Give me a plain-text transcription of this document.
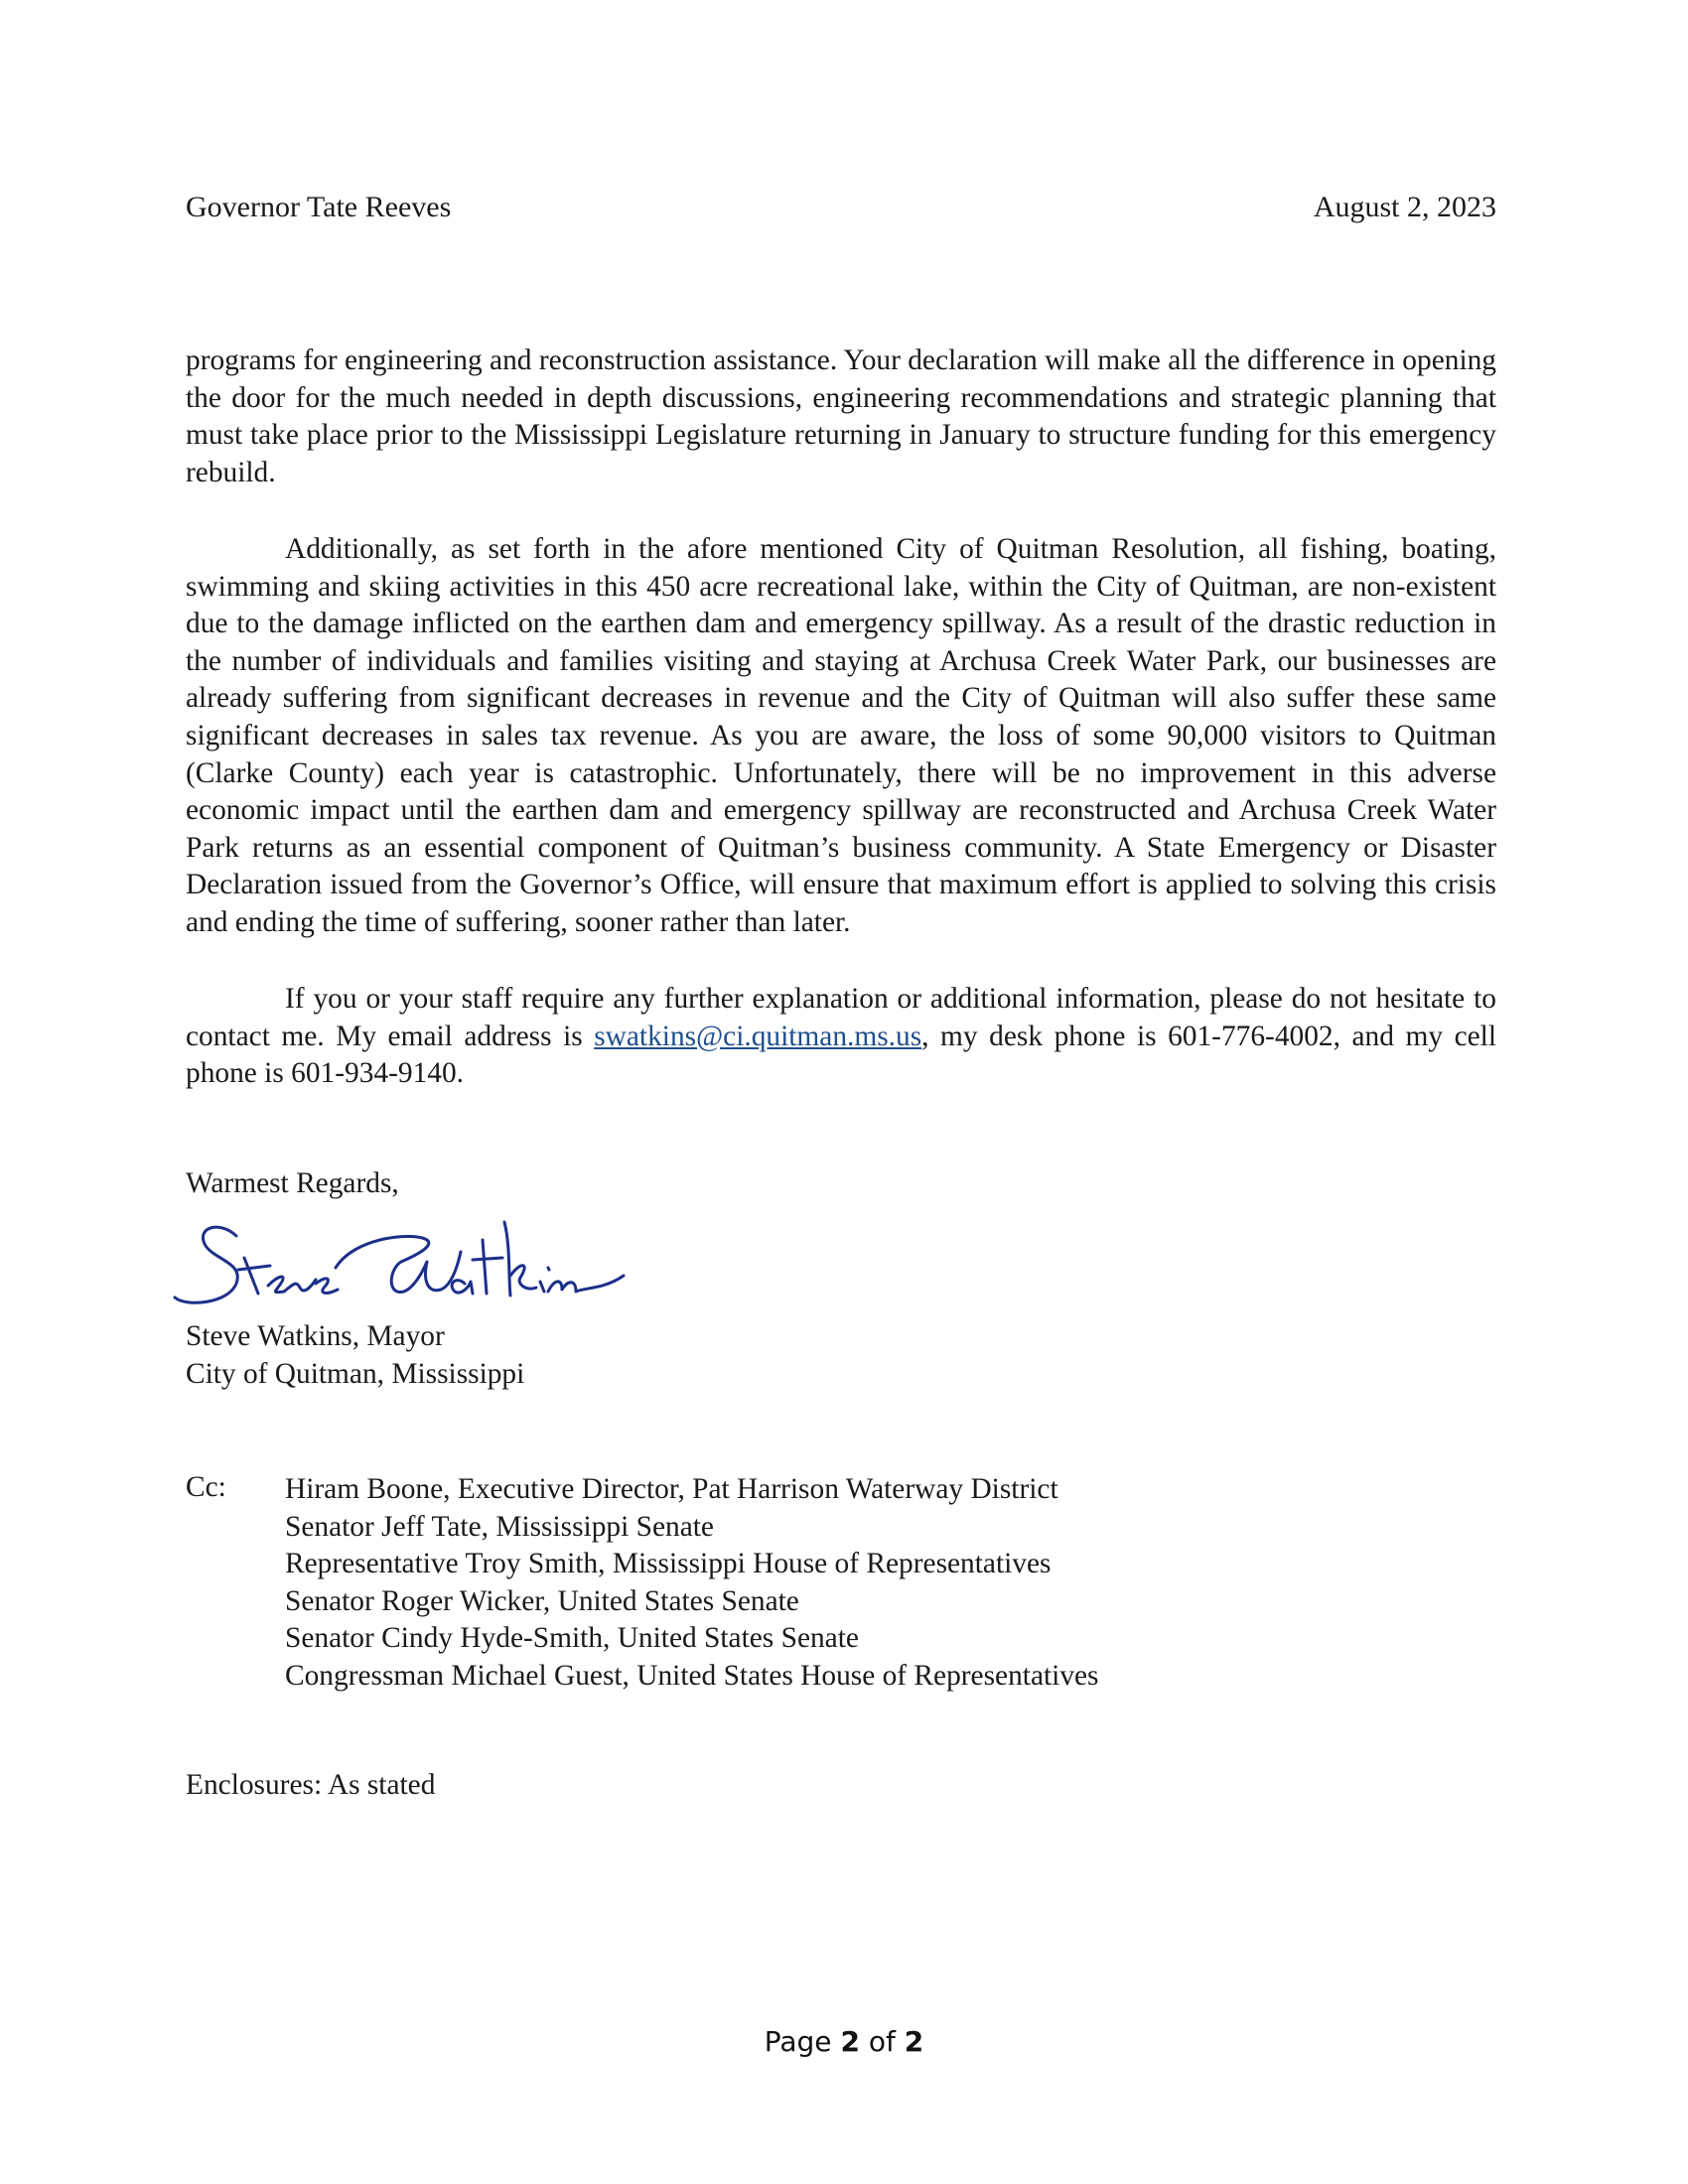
Governor Tate Reeves	August 2, 2023

programs for engineering and reconstruction assistance. Your declaration will make all the difference in opening the door for the much needed in depth discussions, engineering recommendations and strategic planning that must take place prior to the Mississippi Legislature returning in January to structure funding for this emergency rebuild.

Additionally, as set forth in the afore mentioned City of Quitman Resolution, all fishing, boating, swimming and skiing activities in this 450 acre recreational lake, within the City of Quitman, are non-existent due to the damage inflicted on the earthen dam and emergency spillway. As a result of the drastic reduction in the number of individuals and families visiting and staying at Archusa Creek Water Park, our businesses are already suffering from significant decreases in revenue and the City of Quitman will also suffer these same significant decreases in sales tax revenue. As you are aware, the loss of some 90,000 visitors to Quitman (Clarke County) each year is catastrophic. Unfortunately, there will be no improvement in this adverse economic impact until the earthen dam and emergency spillway are reconstructed and Archusa Creek Water Park returns as an essential component of Quitman’s business community. A State Emergency or Disaster Declaration issued from the Governor’s Office, will ensure that maximum effort is applied to solving this crisis and ending the time of suffering, sooner rather than later.

If you or your staff require any further explanation or additional information, please do not hesitate to contact me. My email address is swatkins@ci.quitman.ms.us, my desk phone is 601-776-4002, and my cell phone is 601-934-9140.

Warmest Regards,
Steve Watkins, Mayor
City of Quitman, Mississippi
Cc: Hiram Boone, Executive Director, Pat Harrison Waterway District
Senator Jeff Tate, Mississippi Senate
Representative Troy Smith, Mississippi House of Representatives
Senator Roger Wicker, United States Senate
Senator Cindy Hyde-Smith, United States Senate
Congressman Michael Guest, United States House of Representatives
Enclosures: As stated
Page 2 of 2
